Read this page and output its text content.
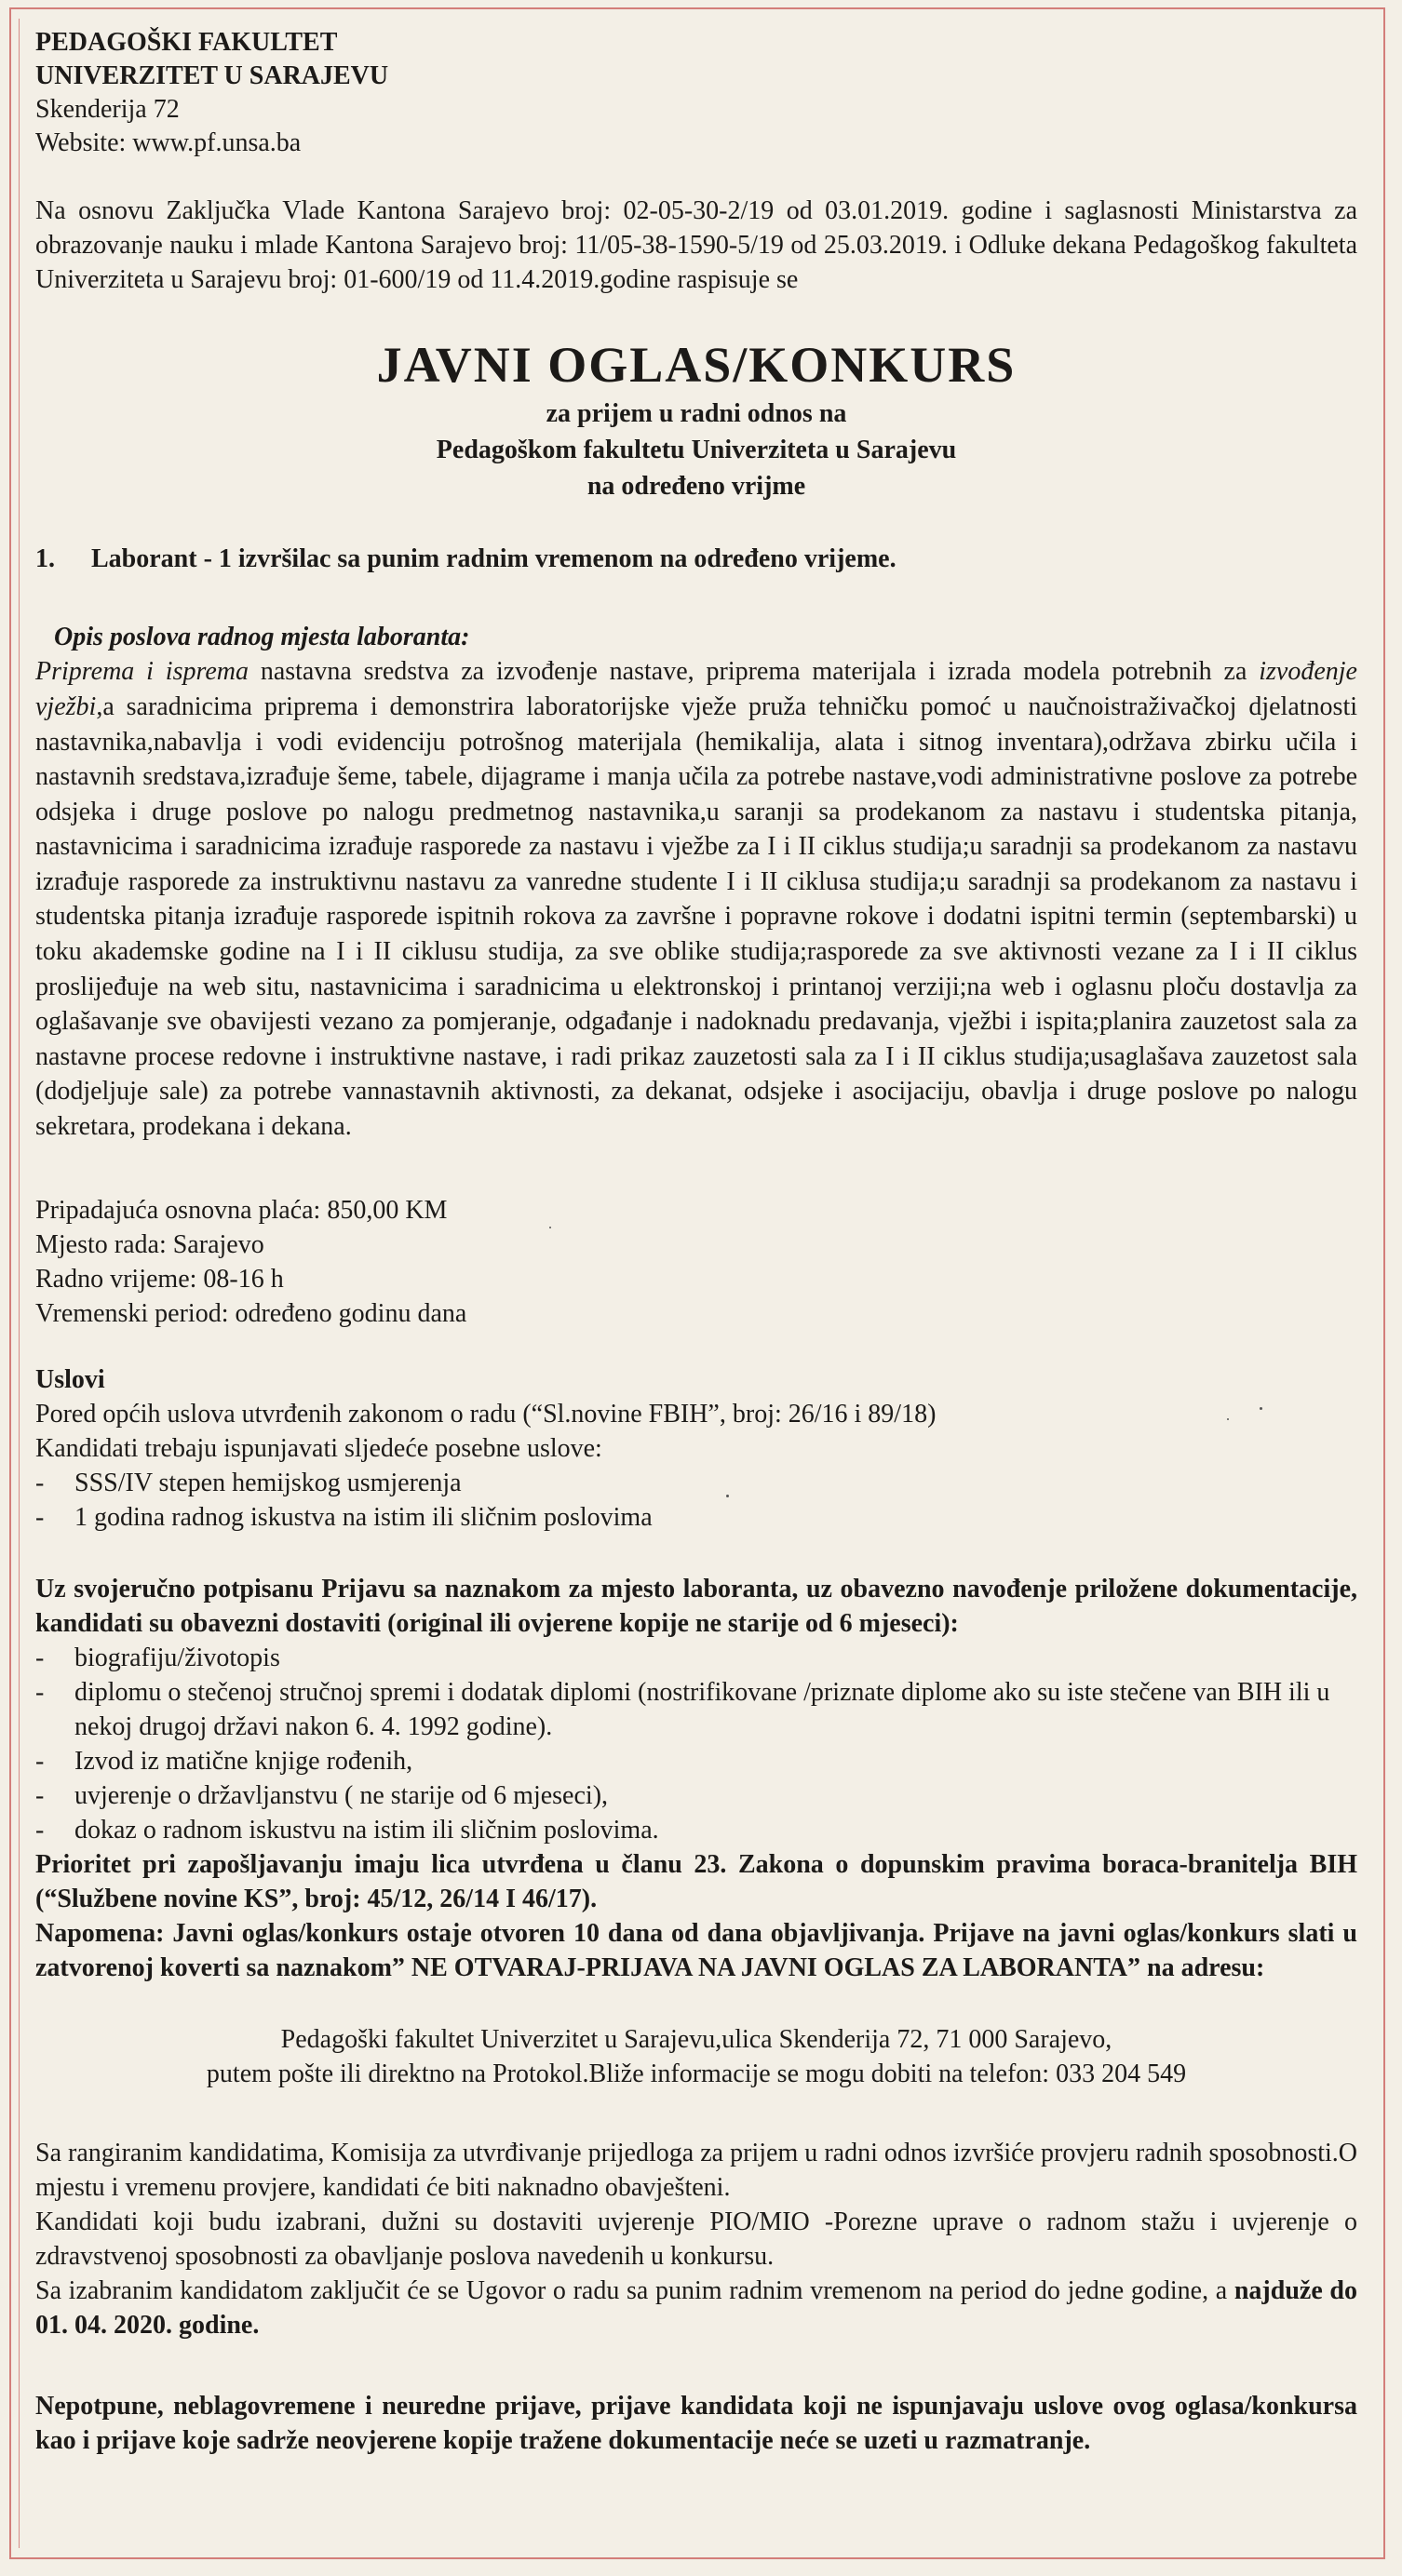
PEDAGOŠKI FAKULTET
UNIVERZITET U SARAJEVU
Skenderija 72
Website: www.pf.unsa.ba

Na osnovu Zaključka Vlade Kantona Sarajevo broj: 02-05-30-2/19 od 03.01.2019. godine i saglasnosti Ministarstva za obrazovanje nauku i mlade Kantona Sarajevo broj: 11/05-38-1590-5/19 od 25.03.2019. i Odluke dekana Pedagoškog fakulteta Univerziteta u Sarajevu broj: 01-600/19 od 11.4.2019.godine raspisuje se

JAVNI OGLAS/KONKURS
za prijem u radni odnos na
Pedagoškom fakultetu Univerziteta u Sarajevu
na određeno vrijme
1.	Laborant - 1 izvršilac sa punim radnim vremenom na određeno vrijeme.
Opis poslova radnog mjesta laboranta:

Priprema i isprema nastavna sredstva za izvođenje nastave, priprema materijala i izrada modela potrebnih za izvođenje vježbi,a saradnicima priprema i demonstrira laboratorijske vježe pruža tehničku pomoć u naučnoistraživačkoj djelatnosti nastavnika,nabavlja i vodi evidenciju potrošnog materijala (hemikalija, alata i sitnog inventara),održava zbirku učila i nastavnih sredstava,izrađuje šeme, tabele, dijagrame i manja učila za potrebe nastave,vodi administrativne poslove za potrebe odsjeka i druge poslove po nalogu predmetnog nastavnika,u saranji sa prodekanom za nastavu i studentska pitanja, nastavnicima i saradnicima izrađuje rasporede za nastavu i vježbe za I i II ciklus studija;u saradnji sa prodekanom za nastavu izrađuje rasporede za instruktivnu nastavu za vanredne studente I i II ciklusa studija;u saradnji sa prodekanom za nastavu i studentska pitanja izrađuje rasporede ispitnih rokova za završne i popravne rokove i dodatni ispitni termin (septembarski) u toku akademske godine na I i II ciklusu studija, za sve oblike studija;rasporede za sve aktivnosti vezane za I i II ciklus proslijeđuje na web situ, nastavnicima i saradnicima u elektronskoj i printanoj verziji;na web i oglasnu ploču dostavlja za oglašavanje sve obavijesti vezano za pomjeranje, odgađanje i nadoknadu predavanja, vježbi i ispita;planira zauzetost sala za nastavne procese redovne i instruktivne nastave, i radi prikaz zauzetosti sala za I i II ciklus studija;usaglašava zauzetost sala (dodjeljuje sale) za potrebe vannastavnih aktivnosti, za dekanat, odsjeke i asocijaciju, obavlja i druge poslove po nalogu sekretara, prodekana i dekana.

Pripadajuća osnovna plaća: 850,00 KM
Mjesto rada: Sarajevo
Radno vrijeme: 08-16 h
Vremenski period: određeno godinu dana
Uslovi
Pored općih uslova utvrđenih zakonom o radu (“Sl.novine FBIH”, broj: 26/16 i 89/18)
Kandidati trebaju ispunjavati sljedeće posebne uslove:
-	SSS/IV stepen hemijskog usmjerenja
-	1 godina radnog iskustva na istim ili sličnim poslovima
Uz svojeručno potpisanu Prijavu sa naznakom za mjesto laboranta, uz obavezno navođenje priložene dokumentacije, kandidati su obavezni dostaviti (original ili ovjerene kopije ne starije od 6 mjeseci):
-	biografiju/životopis
-	diplomu o stečenoj stručnoj spremi i dodatak diplomi (nostrifikovane /priznate diplome ako su iste stečene van BIH ili u nekoj drugoj državi nakon 6. 4. 1992 godine).
-	Izvod iz matične knjige rođenih,
-	uvjerenje o državljanstvu ( ne starije od 6 mjeseci),
-	dokaz o radnom iskustvu na istim ili sličnim poslovima.
Prioritet pri zapošljavanju imaju lica utvrđena u članu 23. Zakona o dopunskim pravima boraca-branitelja BIH (“Službene novine KS”, broj: 45/12, 26/14 I 46/17).
Napomena: Javni oglas/konkurs ostaje otvoren 10 dana od dana objavljivanja. Prijave na javni oglas/konkurs slati u zatvorenoj koverti sa naznakom” NE OTVARAJ-PRIJAVA NA JAVNI OGLAS ZA LABORANTA” na adresu:
Pedagoški fakultet Univerzitet u Sarajevu,ulica Skenderija 72, 71 000 Sarajevo,
putem pošte ili direktno na Protokol.Bliže informacije se mogu dobiti na telefon: 033 204 549
Sa rangiranim kandidatima, Komisija za utvrđivanje prijedloga za prijem u radni odnos izvršiće provjeru radnih sposobnosti.O mjestu i vremenu provjere, kandidati će biti naknadno obavješteni.
Kandidati koji budu izabrani, dužni su dostaviti uvjerenje PIO/MIO -Porezne uprave o radnom stažu i uvjerenje o zdravstvenoj sposobnosti za obavljanje poslova navedenih u konkursu.
Sa izabranim kandidatom zaključit će se Ugovor o radu sa punim radnim vremenom na period do jedne godine, a najduže do 01. 04. 2020. godine.

Nepotpune, neblagovremene i neuredne prijave, prijave kandidata koji ne ispunjavaju uslove ovog oglasa/konkursa kao i prijave koje sadrže neovjerene kopije tražene dokumentacije neće se uzeti u razmatranje.
